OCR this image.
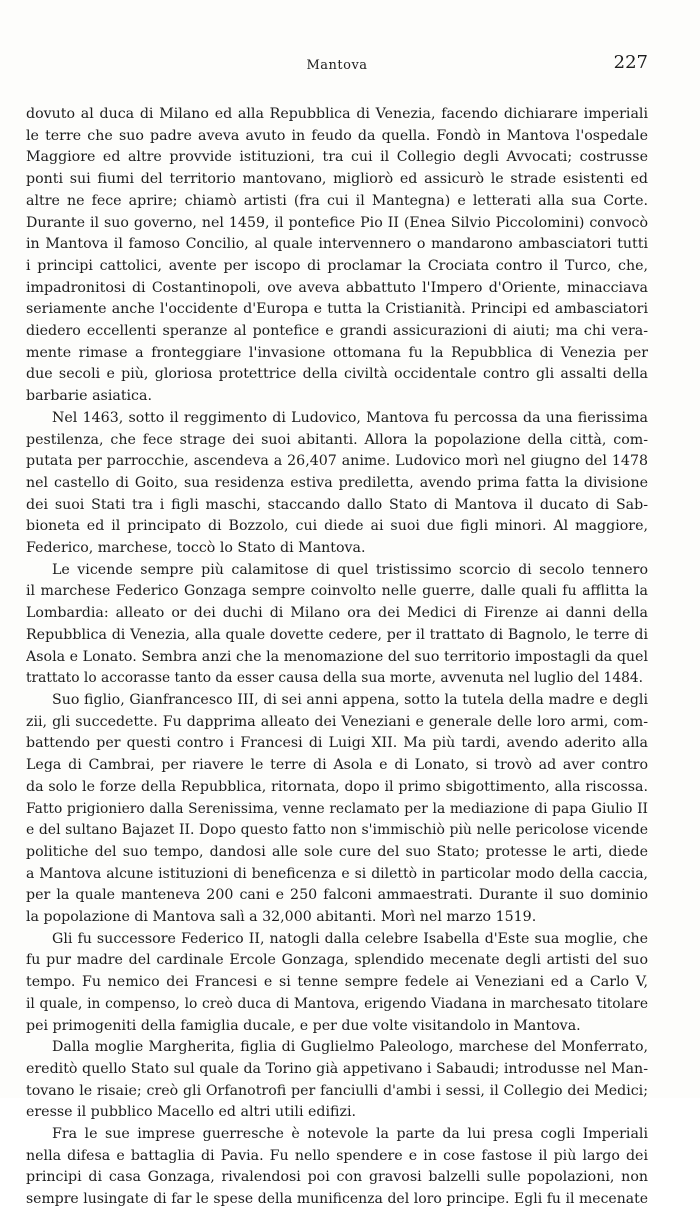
Mantova	227
dovuto al duca di Milano ed alla Repubblica di Venezia, facendo dichiarare imperiali
le terre che suo padre aveva avuto in feudo da quella. Fondò in Mantova l'ospedale
Maggiore ed altre provvide istituzioni, tra cui il Collegio degli Avvocati; costrusse
ponti sui fiumi del territorio mantovano, migliorò ed assicurò le strade esistenti ed
altre ne fece aprire; chiamò artisti (fra cui il Mantegna) e letterati alla sua Corte.
Durante il suo governo, nel 1459, il pontefice Pio II (Enea Silvio Piccolomini) convocò
in Mantova il famoso Concilio, al quale intervennero o mandarono ambasciatori tutti
i principi cattolici, avente per iscopo di proclamar la Crociata contro il Turco, che,
impadronitosi di Costantinopoli, ove aveva abbattuto l'Impero d'Oriente, minacciava
seriamente anche l'occidente d'Europa e tutta la Cristianità. Principi ed ambasciatori
diedero eccellenti speranze al pontefice e grandi assicurazioni di aiuti; ma chi vera-
mente rimase a fronteggiare l'invasione ottomana fu la Repubblica di Venezia per
due secoli e più, gloriosa protettrice della civiltà occidentale contro gli assalti della
barbarie asiatica.
Nel 1463, sotto il reggimento di Ludovico, Mantova fu percossa da una fierissima
pestilenza, che fece strage dei suoi abitanti. Allora la popolazione della città, com-
putata per parrocchie, ascendeva a 26,407 anime. Ludovico morì nel giugno del 1478
nel castello di Goito, sua residenza estiva prediletta, avendo prima fatta la divisione
dei suoi Stati tra i figli maschi, staccando dallo Stato di Mantova il ducato di Sab-
bioneta ed il principato di Bozzolo, cui diede ai suoi due figli minori. Al maggiore,
Federico, marchese, toccò lo Stato di Mantova.
Le vicende sempre più calamitose di quel tristissimo scorcio di secolo tennero
il marchese Federico Gonzaga sempre coinvolto nelle guerre, dalle quali fu afflitta la
Lombardia: alleato or dei duchi di Milano ora dei Medici di Firenze ai danni della
Repubblica di Venezia, alla quale dovette cedere, per il trattato di Bagnolo, le terre di
Asola e Lonato. Sembra anzi che la menomazione del suo territorio impostagli da quel
trattato lo accorasse tanto da esser causa della sua morte, avvenuta nel luglio del 1484.
Suo figlio, Gianfrancesco III, di sei anni appena, sotto la tutela della madre e degli
zii, gli succedette. Fu dapprima alleato dei Veneziani e generale delle loro armi, com-
battendo per questi contro i Francesi di Luigi XII. Ma più tardi, avendo aderito alla
Lega di Cambrai, per riavere le terre di Asola e di Lonato, si trovò ad aver contro
da solo le forze della Repubblica, ritornata, dopo il primo sbigottimento, alla riscossa.
Fatto prigioniero dalla Serenissima, venne reclamato per la mediazione di papa Giulio II
e del sultano Bajazet II. Dopo questo fatto non s'immischiò più nelle pericolose vicende
politiche del suo tempo, dandosi alle sole cure del suo Stato; protesse le arti, diede
a Mantova alcune istituzioni di beneficenza e si dilettò in particolar modo della caccia,
per la quale manteneva 200 cani e 250 falconi ammaestrati. Durante il suo dominio
la popolazione di Mantova salì a 32,000 abitanti. Morì nel marzo 1519.
Gli fu successore Federico II, natogli dalla celebre Isabella d'Este sua moglie, che
fu pur madre del cardinale Ercole Gonzaga, splendido mecenate degli artisti del suo
tempo. Fu nemico dei Francesi e si tenne sempre fedele ai Veneziani ed a Carlo V,
il quale, in compenso, lo creò duca di Mantova, erigendo Viadana in marchesato titolare
pei primogeniti della famiglia ducale, e per due volte visitandolo in Mantova.
Dalla moglie Margherita, figlia di Guglielmo Paleologo, marchese del Monferrato,
ereditò quello Stato sul quale da Torino già appetivano i Sabaudi; introdusse nel Man-
tovano le risaie; creò gli Orfanotrofi per fanciulli d'ambi i sessi, il Collegio dei Medici;
eresse il pubblico Macello ed altri utili edifizi.
Fra le sue imprese guerresche è notevole la parte da lui presa cogli Imperiali
nella difesa e battaglia di Pavia. Fu nello spendere e in cose fastose il più largo dei
principi di casa Gonzaga, rivalendosi poi con gravosi balzelli sulle popolazioni, non
sempre lusingate di far le spese della munificenza del loro principe. Egli fu il mecenate
